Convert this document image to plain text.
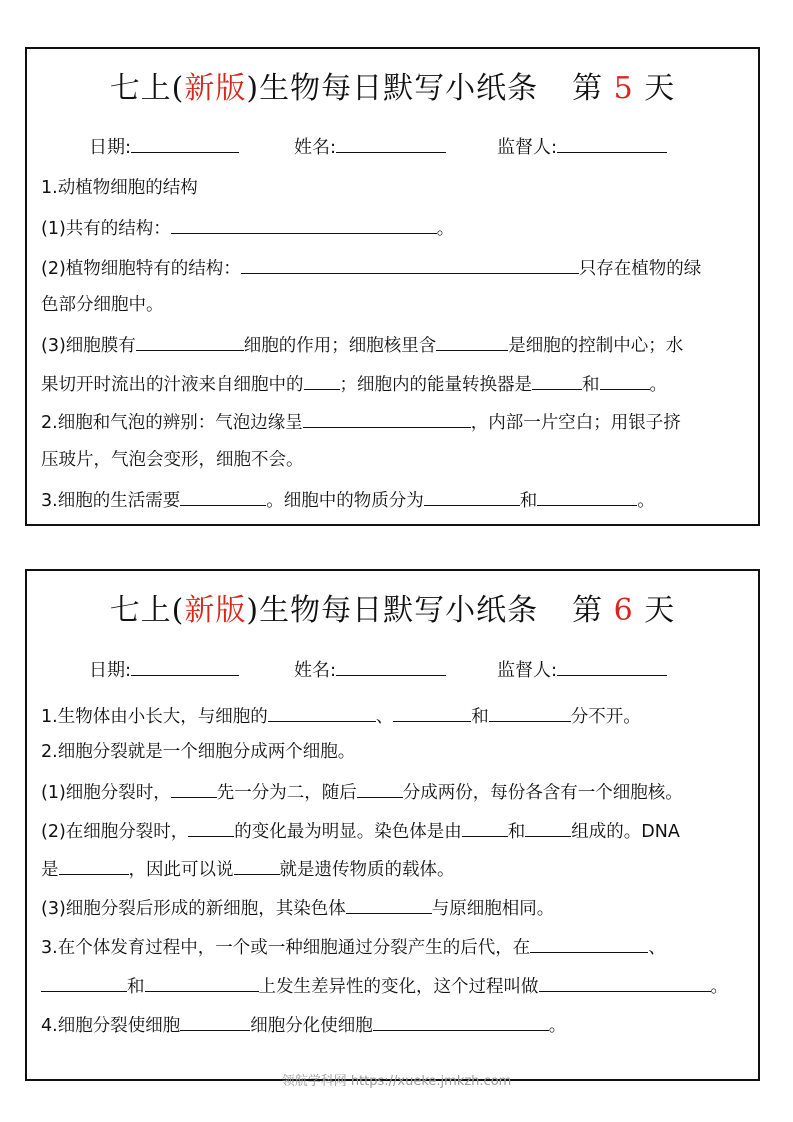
七上(新版)生物每日默写小纸条 第 5 天
日期:	姓名:	监督人:
1.动植物细胞的结构
(1)共有的结构：	。
(2)植物细胞特有的结构：	只存在植物的绿
色部分细胞中。
(3)细胞膜有	细胞的作用；细胞核里含	是细胞的控制中心；水
果切开时流出的汁液来自细胞中的 ；细胞内的能量转换器是	和	。
2.细胞和气泡的辨别：气泡边缘呈	，内部一片空白；用银子挤
压玻片，气泡会变形，细胞不会。
3.细胞的生活需要	。细胞中的物质分为	和	。
七上(新版)生物每日默写小纸条 第 6 天
日期:	姓名:	监督人:
1.生物体由小长大，与细胞的	、	和	分不开。
2.细胞分裂就是一个细胞分成两个细胞。
(1)细胞分裂时，	先一分为二，随后	分成两份，每份各含有一个细胞核。
(2)在细胞分裂时，	的变化最为明显。染色体是由	和	组成的。DNA
是	，因此可以说	就是遗传物质的载体。
(3)细胞分裂后形成的新细胞，其染色体	与原细胞相同。
3.在个体发育过程中，一个或一种细胞通过分裂产生的后代，在	、
和	上发生差异性的变化，这个过程叫做	。
4.细胞分裂使细胞	细胞分化使细胞	。
领航学科网 https://xueke.jmkzh.com
